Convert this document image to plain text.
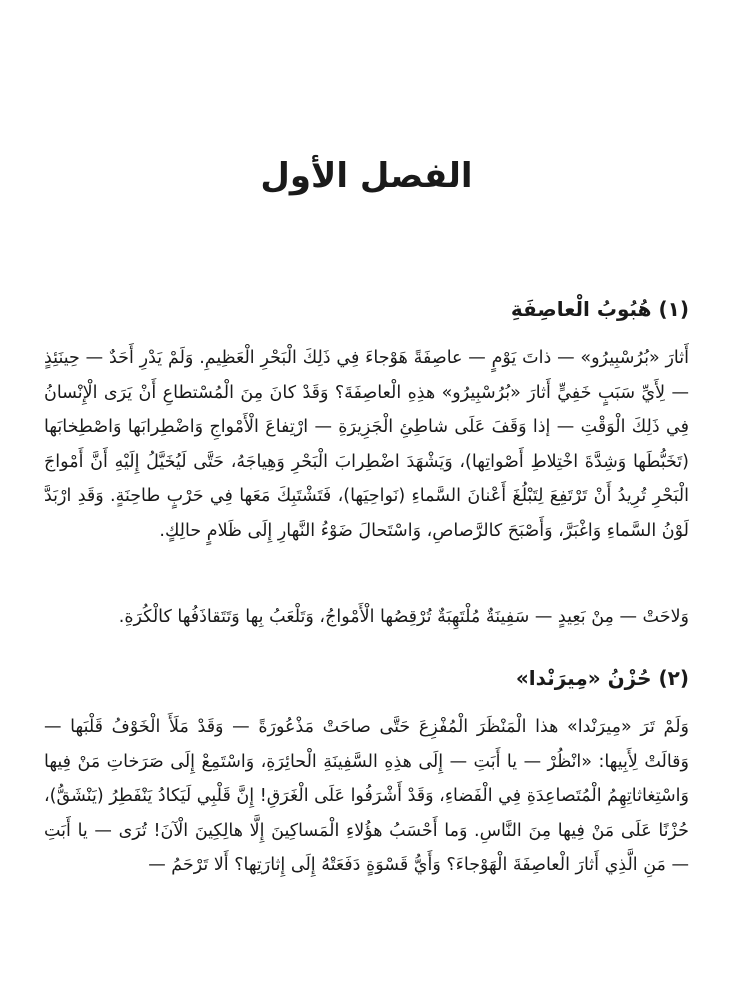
الفصل الأول
(١) هُبُوبُ الْعاصِفَةِ

أَثارَ «بُرُسْبِيرُو» — ذاتَ يَوْمٍ — عاصِفَةً هَوْجاءَ فِي ذَلِكَ الْبَحْرِ الْعَظِيمِ. وَلَمْ يَدْرِ أَحَدٌ — حِينَئِذٍ — لِأَيِّ سَبَبٍ خَفِيٍّ أَثارَ «بُرُسْبِيرُو» هذِهِ الْعاصِفَةَ؟ وَقَدْ كانَ مِنَ الْمُسْتطاعِ أَنْ يَرَى الْإِنْسانُ فِي ذَلِكَ الْوَقْتِ — إذا وَقَفَ عَلَى شاطِئِ الْجَزِيرَةِ — ارْتِفاعَ الْأَمْواجِ وَاضْطِرابَها وَاصْطِخابَها (تَخَبُّطَها وَشِدَّةَ اخْتِلاطِ أَصْواتِها)، وَيَشْهَدَ اضْطِرابَ الْبَحْرِ وَهِياجَهُ، حَتَّى لَيُخَيَّلُ إِلَيْهِ أَنَّ أَمْواجَ الْبَحْرِ تُرِيدُ أَنْ تَرْتَفِعَ لِتَبْلُغَ أَعْنانَ السَّماءِ (نَواحِيَها)، فَتَشْتَبِكَ مَعَها فِي حَرْبٍ طاحِنَةٍ. وَقَدِ ارْبَدَّ لَوْنُ السَّماءِ وَاغْبَرَّ، وَأَصْبَحَ كالرَّصاصِ، وَاسْتَحالَ ضَوْءُ النَّهارِ إِلَى ظَلامٍ حالِكٍ.

وَلاحَتْ — مِنْ بَعِيدٍ — سَفِينَةٌ مُلْتَهِبَةٌ تُرْقِصُها الْأَمْواجُ، وَتَلْعَبُ بِها وَتَتَقاذَفُها كالْكُرَةِ.

(٢) حُزْنُ «مِيرَنْدا»

وَلَمْ تَرَ «مِيرَنْدا» هذا الْمَنْظَرَ الْمُفْزِعَ حَتَّى صاحَتْ مَذْعُورَةً — وَقَدْ مَلَأَ الْخَوْفُ قَلْبَها — وَقالَتْ لِأَبِيها: «انْظُرْ — يا أَبَتِ — إِلَى هذِهِ السَّفِينَةِ الْحائِرَةِ، وَاسْتَمِعْ إِلَى صَرَخاتِ مَنْ فِيها وَاسْتِغاثاتِهِمُ الْمُتَصاعِدَةِ فِي الْفَضاءِ، وَقَدْ أَشْرَفُوا عَلَى الْغَرَقِ! إِنَّ قَلْبِي لَيَكادُ يَنْفَطِرُ (يَنْشَقُّ)، حُزْنًا عَلَى مَنْ فِيها مِنَ النَّاسِ. وَما أَحْسَبُ هؤُلاءِ الْمَساكِينَ إِلَّا هالِكِينَ الْآنَ! تُرَى — يا أَبَتِ — مَنِ الَّذِي أَثارَ الْعاصِفَةَ الْهَوْجاءَ؟ وَأَيُّ قَسْوَةٍ دَفَعَتْهُ إِلَى إِثارَتِها؟ أَلا تَرْحَمُ —
